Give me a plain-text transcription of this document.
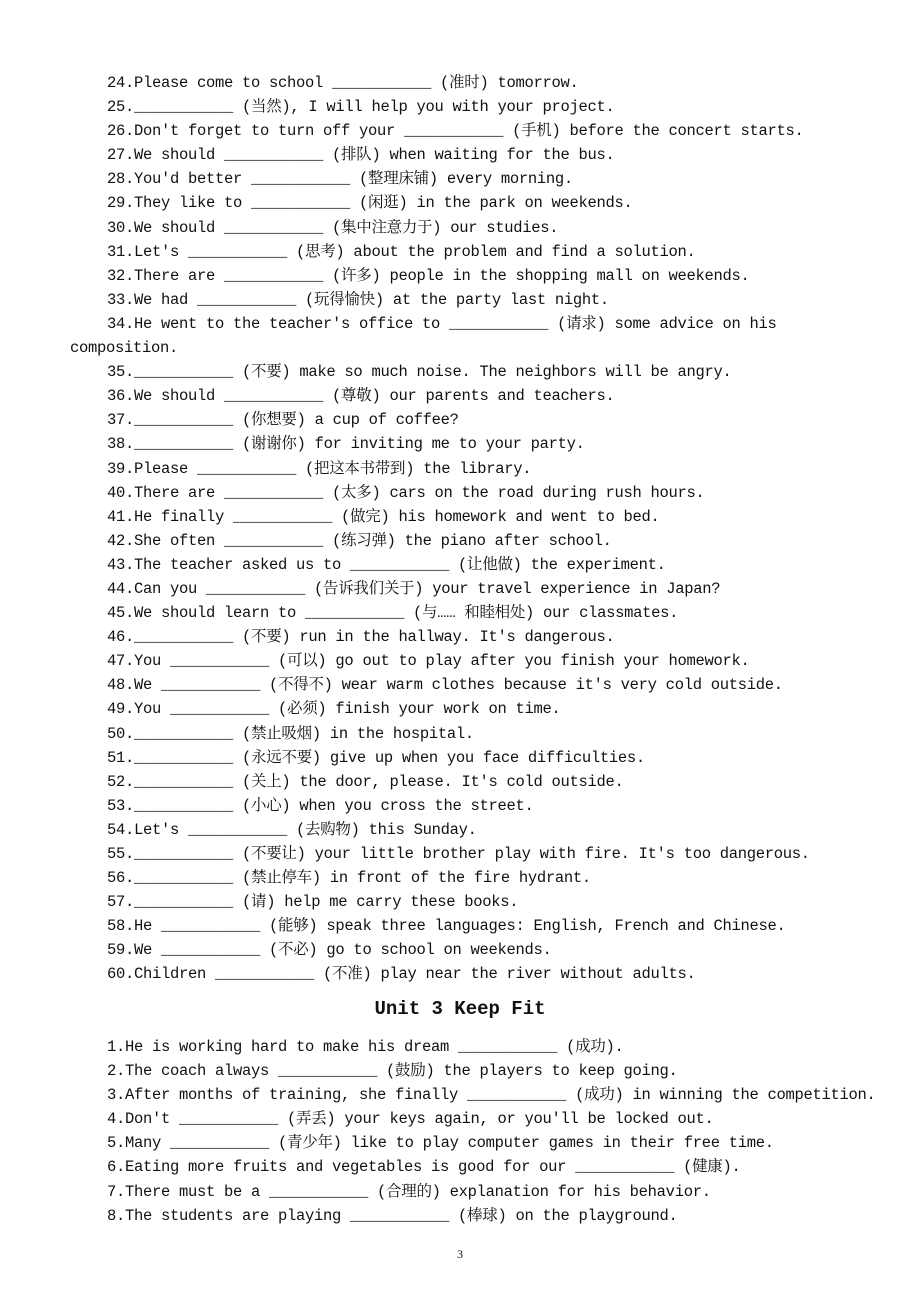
24.Please come to school ___________ (准时) tomorrow.

25.___________ (当然), I will help you with your project.

26.Don't forget to turn off your ___________ (手机) before the concert starts.

27.We should ___________ (排队) when waiting for the bus.

28.You'd better ___________ (整理床铺) every morning.

29.They like to ___________ (闲逛) in the park on weekends.

30.We should ___________ (集中注意力于) our studies.

31.Let's ___________ (思考) about the problem and find a solution.

32.There are ___________ (许多) people in the shopping mall on weekends.

33.We had ___________ (玩得愉快) at the party last night.

34.He went to the teacher's office to ___________ (请求) some advice on his composition.

35.___________ (不要) make so much noise. The neighbors will be angry.

36.We should ___________ (尊敬) our parents and teachers.

37.___________ (你想要) a cup of coffee?

38.___________ (谢谢你) for inviting me to your party.

39.Please ___________ (把这本书带到) the library.

40.There are ___________ (太多) cars on the road during rush hours.

41.He finally ___________ (做完) his homework and went to bed.

42.She often ___________ (练习弹) the piano after school.

43.The teacher asked us to ___________ (让他做) the experiment.

44.Can you ___________ (告诉我们关于) your travel experience in Japan?

45.We should learn to ___________ (与…… 和睦相处) our classmates.

46.___________ (不要) run in the hallway. It's dangerous.

47.You ___________ (可以) go out to play after you finish your homework.

48.We ___________ (不得不) wear warm clothes because it's very cold outside.

49.You ___________ (必须) finish your work on time.

50.___________ (禁止吸烟) in the hospital.

51.___________ (永远不要) give up when you face difficulties.

52.___________ (关上) the door, please. It's cold outside.

53.___________ (小心) when you cross the street.

54.Let's ___________ (去购物) this Sunday.

55.___________ (不要让) your little brother play with fire. It's too dangerous.

56.___________ (禁止停车) in front of the fire hydrant.

57.___________ (请) help me carry these books.

58.He ___________ (能够) speak three languages: English, French and Chinese.

59.We ___________ (不必) go to school on weekends.

60.Children ___________ (不准) play near the river without adults.

Unit 3 Keep Fit

1.He is working hard to make his dream ___________ (成功).

2.The coach always ___________ (鼓励) the players to keep going.

3.After months of training, she finally ___________ (成功) in winning the competition.

4.Don't ___________ (弄丢) your keys again, or you'll be locked out.

5.Many ___________ (青少年) like to play computer games in their free time.

6.Eating more fruits and vegetables is good for our ___________ (健康).

7.There must be a ___________ (合理的) explanation for his behavior.

8.The students are playing ___________ (棒球) on the playground.

3
